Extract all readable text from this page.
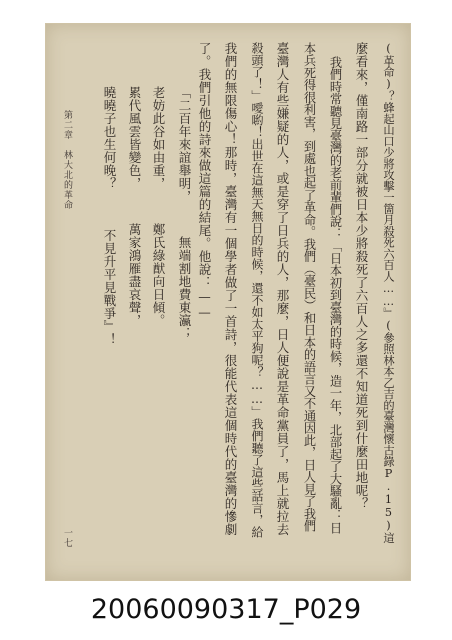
(革命)？蜂起山口少將攻擊一箇月殺死六百人……』(參照林本乙吉的臺灣懷古錄P.15)這
麼看來，僅南路一部分就被日本少將殺死了六百人之多還不知道死到什麼田地呢？
我們時常聽見臺灣的老前輩們說：「日本初到臺灣的時候，造一年，北部起了大騷亂：日
本兵死得很利害，到處也起了革命。我們（臺民）和日本的語言又不通因此，日人見了我們
臺灣人有些嫌疑的人，或是穿了日兵的人，那麼，日人便說是革命黨員了，馬上就拉去
殺頭了！」噯喲！出世在這無天無日的時候，還不如太平狗呢？……」我們聽了這些話言，給
我們的無限傷心！那時，臺灣有一個學者做了一首詩，很能代表這個時代的臺灣的慘劇
了。我們引他的詩來做這篇的結尾。他說：——
「二百年來誼舉明，　　　無端割地費東瀛；
老妨此谷如由重，　　　鄭氏綠猷向日傾。
累代風雲皆變色，　　　萬家鴻雁盡哀聲，
曉曉子也生何晚？　　　不見升平見戰爭』！
第二章　林大北的革命
一七
20060090317_P029
